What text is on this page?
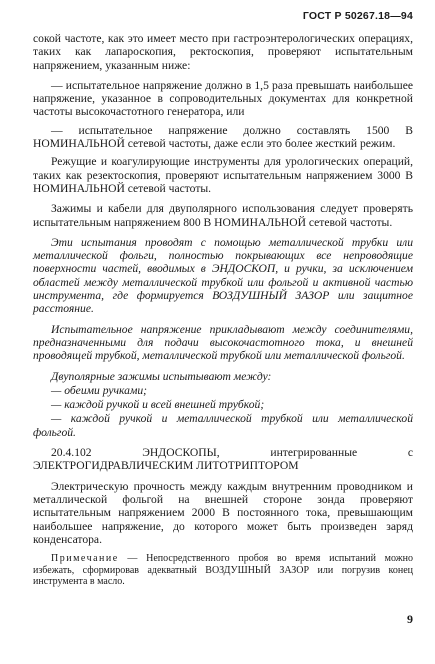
ГОСТ Р 50267.18—94

сокой частоте, как это имеет место при гастроэнтерологических операциях, таких как лапароскопия, ректоскопия, проверяют испытательным напряжением, указанным ниже:

— испытательное напряжение должно в 1,5 раза превышать наибольшее напряжение, указанное в сопроводительных документах для конкретной частоты высокочастотного генератора, или

— испытательное напряжение должно составлять 1500 В НОМИНАЛЬНОЙ сетевой частоты, даже если это более жесткий режим.

Режущие и коагулирующие инструменты для урологических операций, таких как резектоскопия, проверяют испытательным напряжением 3000 В НОМИНАЛЬНОЙ сетевой частоты.

Зажимы и кабели для двуполярного использования следует проверять испытательным напряжением 800 В НОМИНАЛЬНОЙ сетевой частоты.

Эти испытания проводят с помощью металлической трубки или металлической фольги, полностью покрывающих все непроводящие поверхности частей, вводимых в ЭНДОСКОП, и ручки, за исключением областей между металлической трубкой или фольгой и активной частью инструмента, где формируется ВОЗДУШНЫЙ ЗАЗОР или защитное расстояние.

Испытательное напряжение прикладывают между соединителями, предназначенными для подачи высокочастотного тока, и внешней проводящей трубкой, металлической трубкой или металлической фольгой.

Двуполярные зажимы испытывают между:

— обеими ручками;

— каждой ручкой и всей внешней трубкой;

— каждой ручкой и металлической трубкой или металлической фольгой.

20.4.102 ЭНДОСКОПЫ, интегрированные с ЭЛЕКТРОГИДРАВЛИЧЕСКИМ ЛИТОТРИПТОРОМ

Электрическую прочность между каждым внутренним проводником и металлической фольгой на внешней стороне зонда проверяют испытательным напряжением 2000 В постоянного тока, превышающим наибольшее напряжение, до которого может быть произведен заряд конденсатора.

Примечание — Непосредственного пробоя во время испытаний можно избежать, сформировав адекватный ВОЗДУШНЫЙ ЗАЗОР или погрузив конец инструмента в масло.

9
